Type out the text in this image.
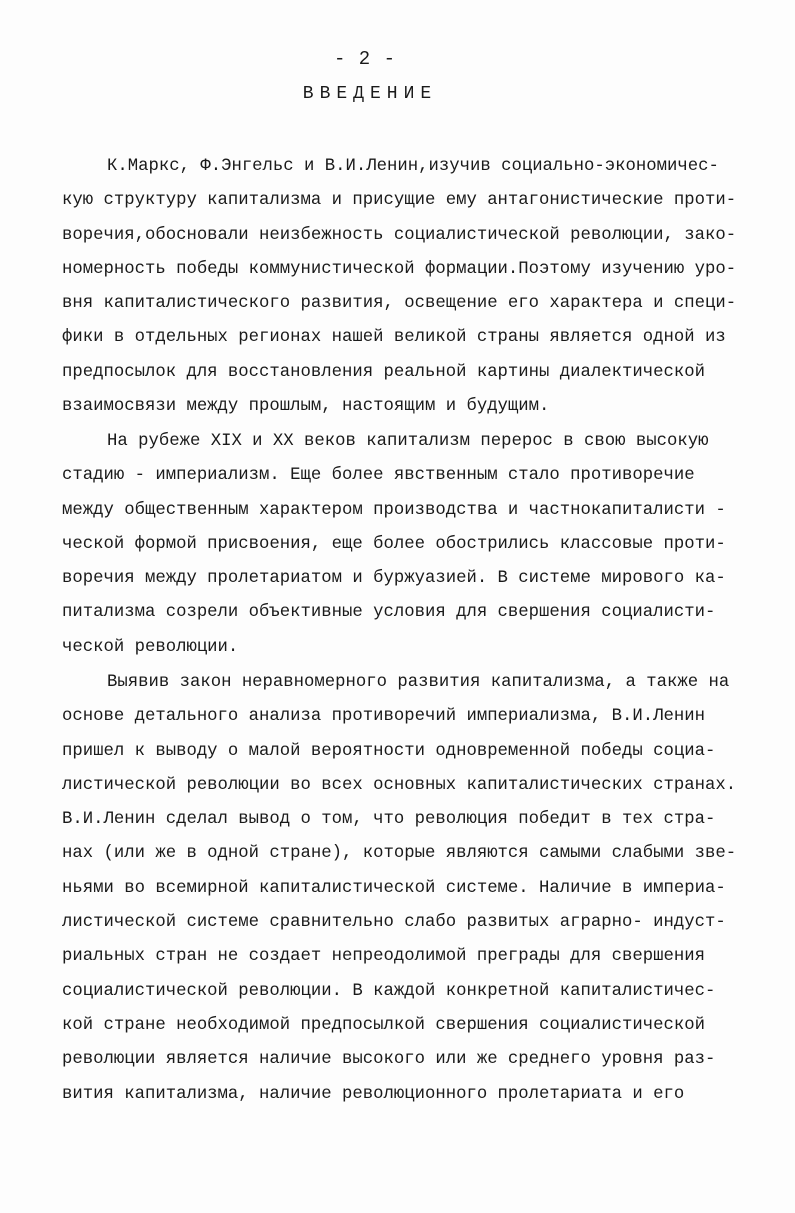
- 2 -
ВВЕДЕНИЕ
К.Маркс, Ф.Энгельс и В.И.Ленин,изучив социально-экономичес-
кую структуру капитализма и присущие ему антагонистические проти-
воречия,обосновали неизбежность социалистической революции, зако-
номерность победы коммунистической формации.Поэтому изучению уро-
вня капиталистического развития, освещение его характера и специ-
фики в отдельных регионах нашей великой страны является одной из
предпосылок для восстановления реальной картины диалектической
взаимосвязи между прошлым, настоящим и будущим.
На рубеже XIX и XX веков капитализм перерос в свою высокую
стадию - империализм. Еще более явственным стало противоречие
между общественным характером производства и частнокапиталисти -
ческой формой присвоения, еще более обострились классовые проти-
воречия между пролетариатом и буржуазией. В системе мирового ка-
питализма созрели объективные условия для свершения социалисти-
ческой революции.
Выявив закон неравномерного развития капитализма, а также на
основе детального анализа противоречий империализма, В.И.Ленин
пришел к выводу о малой вероятности одновременной победы социа-
листической революции во всех основных капиталистических странах.
В.И.Ленин сделал вывод о том, что революция победит в тех стра-
нах (или же в одной стране), которые являются самыми слабыми зве-
ньями во всемирной капиталистической системе. Наличие в империа-
листической системе сравнительно слабо развитых аграрно- индуст-
риальных стран не создает непреодолимой преграды для свершения
социалистической революции. В каждой конкретной капиталистичес-
кой стране необходимой предпосылкой свершения социалистической
революции является наличие высокого или же среднего уровня раз-
вития капитализма, наличие революционного пролетариата и его
